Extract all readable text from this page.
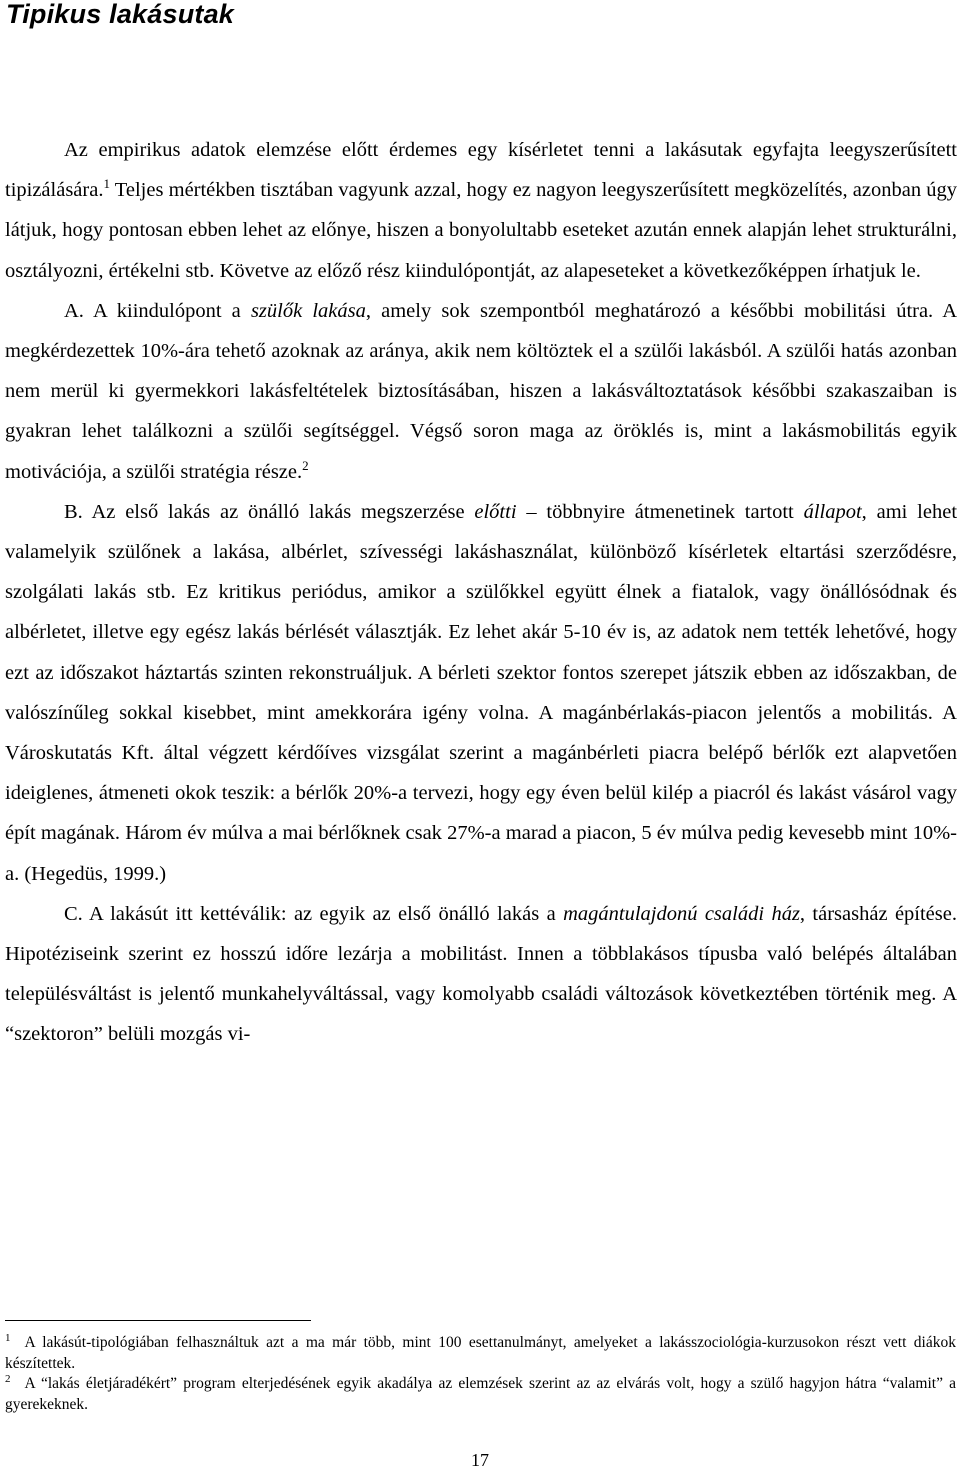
Tipikus lakásutak

Az empirikus adatok elemzése előtt érdemes egy kísérletet tenni a lakásutak egyfajta leegyszerűsített tipizálására.$^1$ Teljes mértékben tisztában vagyunk azzal, hogy ez nagyon leegyszerűsített megközelítés, azonban úgy látjuk, hogy pontosan ebben lehet az előnye, hiszen a bonyolultabb eseteket azután ennek alapján lehet strukturálni, osztályozni, értékelni stb. Követve az előző rész kiindulópontját, az alapeseteket a következőképpen írhatjuk le.

A. A kiindulópont a szülők lakása, amely sok szempontból meghatározó a későbbi mobilitási útra. A megkérdezettek 10%-ára tehető azoknak az aránya, akik nem költöztek el a szülői lakásból. A szülői hatás azonban nem merül ki gyermekkori lakásfeltételek biztosításában, hiszen a lakásváltoztatások későbbi szakaszaiban is gyakran lehet találkozni a szülői segítséggel. Végső soron maga az öröklés is, mint a lakásmobilitás egyik motivációja, a szülői stratégia része.$^2$

B. Az első lakás az önálló lakás megszerzése előtti – többnyire átmenetinek tartott állapot, ami lehet valamelyik szülőnek a lakása, albérlet, szívességi lakáshasználat, különböző kísérletek eltartási szerződésre, szolgálati lakás stb. Ez kritikus periódus, amikor a szülőkkel együtt élnek a fiatalok, vagy önállósódnak és albérletet, illetve egy egész lakás bérlését választják. Ez lehet akár 5-10 év is, az adatok nem tették lehetővé, hogy ezt az időszakot háztartás szinten rekonstruáljuk. A bérleti szektor fontos szerepet játszik ebben az időszakban, de valószínűleg sokkal kisebbet, mint amekkorára igény volna. A magánbérlakás-piacon jelentős a mobilitás. A Városkutatás Kft. által végzett kérdőíves vizsgálat szerint a magánbérleti piacra belépő bérlők ezt alapvetően ideiglenes, átmeneti okok teszik: a bérlők 20%-a tervezi, hogy egy éven belül kilép a piacról és lakást vásárol vagy épít magának. Három év múlva a mai bérlőknek csak 27%-a marad a piacon, 5 év múlva pedig kevesebb mint 10%-a. (Hegedüs, 1999.)

C. A lakásút itt kettéválik: az egyik az első önálló lakás a magántulajdonú családi ház, társasház építése. Hipotéziseink szerint ez hosszú időre lezárja a mobilitást. Innen a többlakásos típusba való belépés általában településváltást is jelentő munkahelyváltással, vagy komolyabb családi változások következtében történik meg. A “szektoron” belüli mozgás vi-

$^1$ A lakásút-tipológiában felhasználtuk azt a ma már több, mint 100 esettanulmányt, amelyeket a lakásszociológia-kurzusokon részt vett diákok készítettek.

$^2$ A “lakás életjáradékért” program elterjedésének egyik akadálya az elemzések szerint az az elvárás volt, hogy a szülő hagyjon hátra “valamit” a gyerekeknek.

17
